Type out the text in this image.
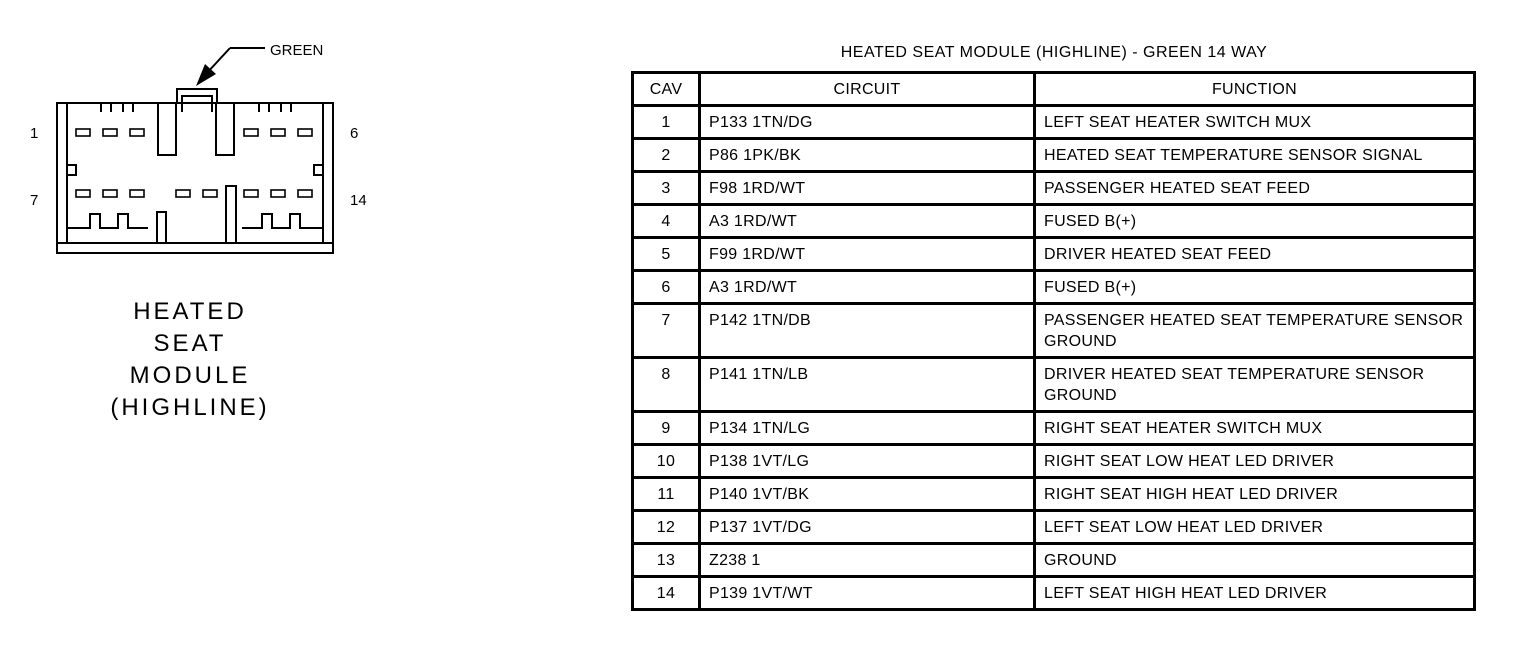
GREEN
1	6
7	14
HEATED
SEAT
MODULE
(HIGHLINE)
HEATED SEAT MODULE (HIGHLINE) - GREEN 14 WAY
CAV	CIRCUIT	FUNCTION
1	P133 1TN/DG	LEFT SEAT HEATER SWITCH MUX
2	P86 1PK/BK	HEATED SEAT TEMPERATURE SENSOR SIGNAL
3	F98 1RD/WT	PASSENGER HEATED SEAT FEED
4	A3 1RD/WT	FUSED B(+)
5	F99 1RD/WT	DRIVER HEATED SEAT FEED
6	A3 1RD/WT	FUSED B(+)
7	P142 1TN/DB	PASSENGER HEATED SEAT TEMPERATURE SENSOR GROUND
8	P141 1TN/LB	DRIVER HEATED SEAT TEMPERATURE SENSOR GROUND
9	P134 1TN/LG	RIGHT SEAT HEATER SWITCH MUX
10	P138 1VT/LG	RIGHT SEAT LOW HEAT LED DRIVER
11	P140 1VT/BK	RIGHT SEAT HIGH HEAT LED DRIVER
12	P137 1VT/DG	LEFT SEAT LOW HEAT LED DRIVER
13	Z238 1	GROUND
14	P139 1VT/WT	LEFT SEAT HIGH HEAT LED DRIVER
